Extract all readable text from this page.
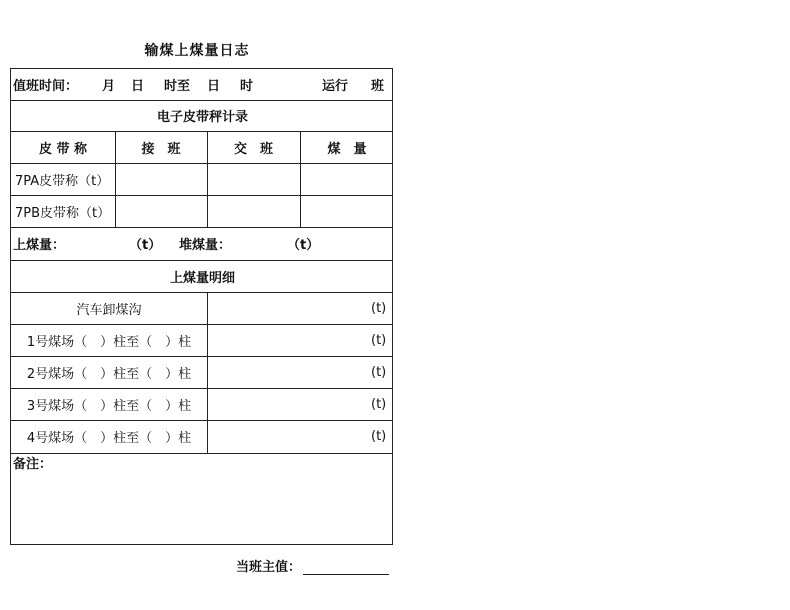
输煤上煤量日志
值班时间： 月 日 时至 日 时	运行 班
电子皮带秤计录
皮 带 称	接　班	交　班	煤　量
7PA皮带称（t）
7PB皮带称（t）
上煤量：	（t） 堆煤量：	（t）
上煤量明细
汽车卸煤沟	(t)
1号煤场（　）柱至（　）柱	(t)
2号煤场（　）柱至（　）柱	(t)
3号煤场（　）柱至（　）柱	(t)
4号煤场（　）柱至（　）柱	(t)
备注：
当班主值：
